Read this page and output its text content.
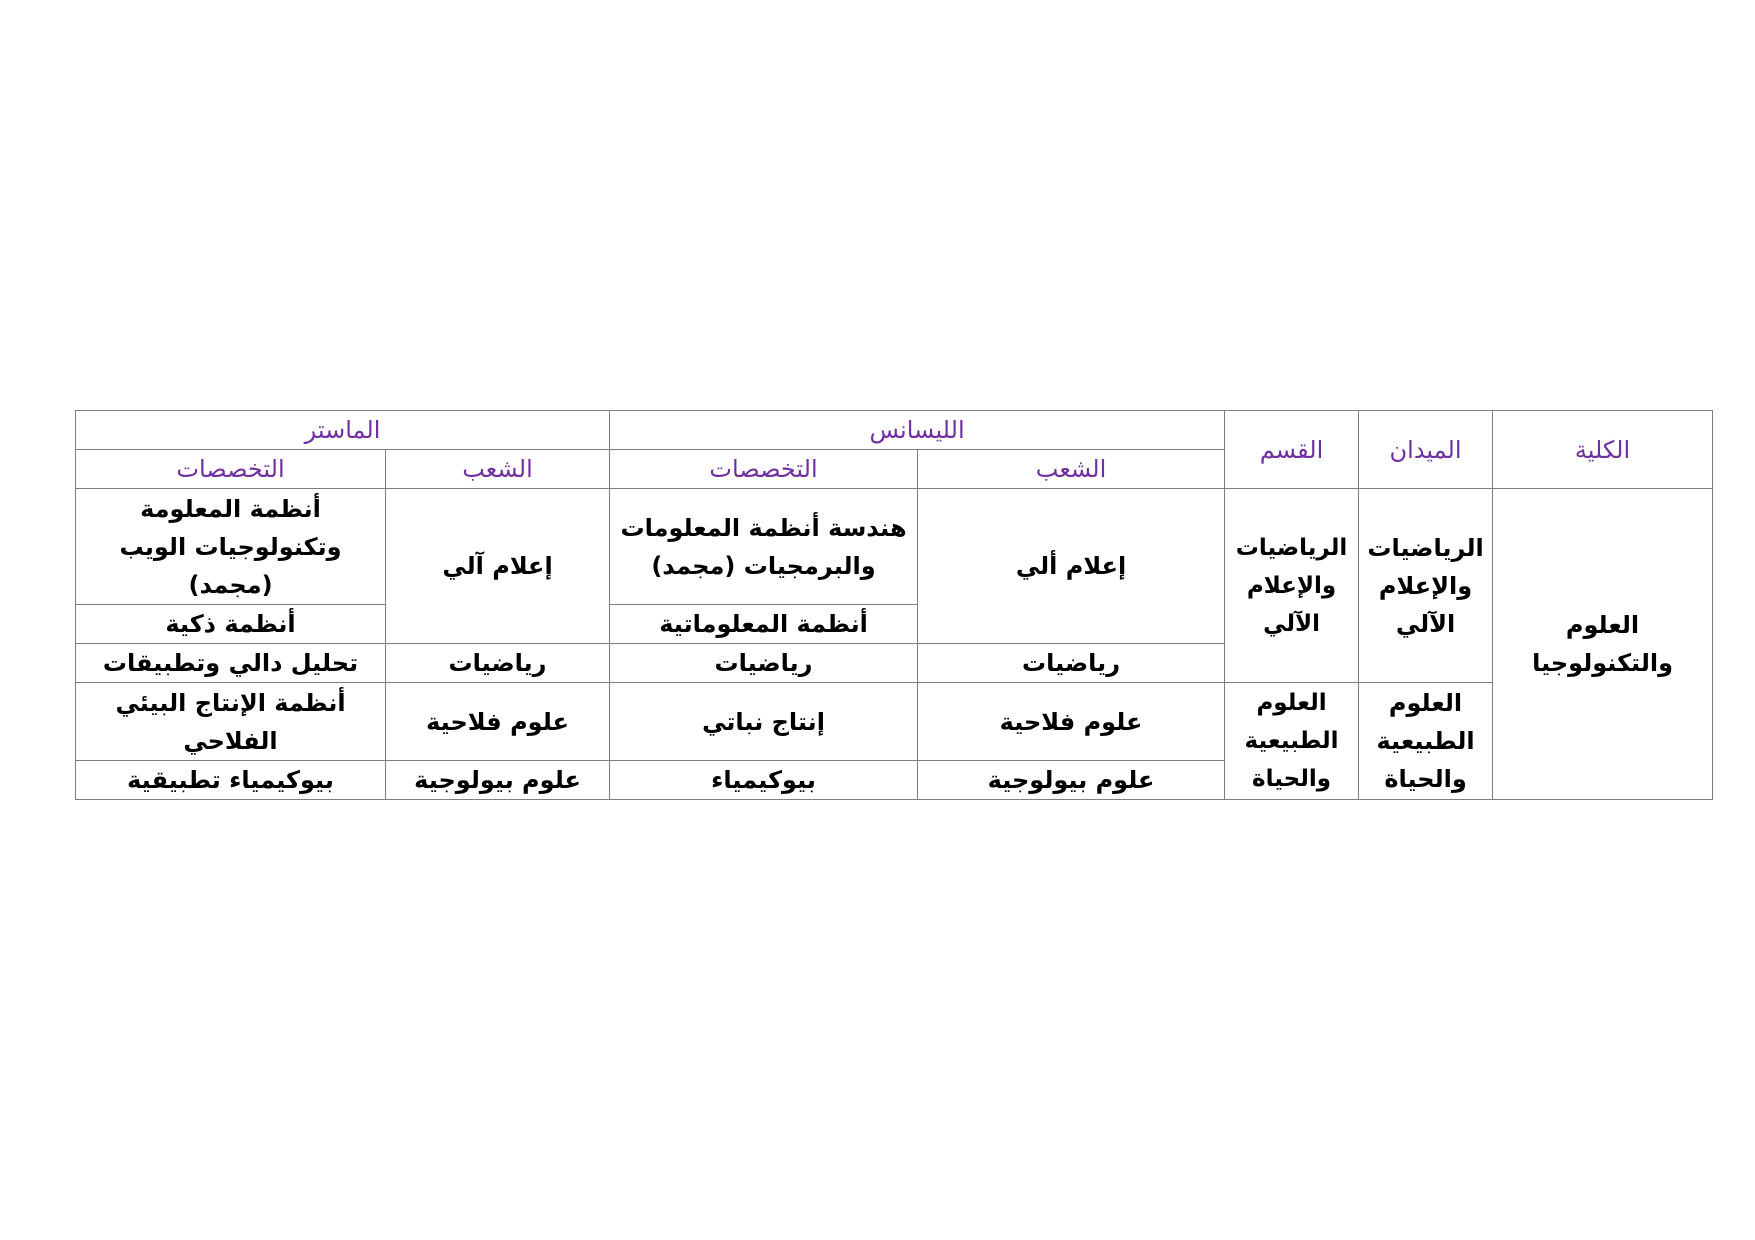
الكلية	الميدان	القسم	الليسانس		الماستر	
			الشعب	التخصصات	الشعب	التخصصات
العلوم والتكنولوجيا	الرياضيات والإعلام الآلي	الرياضيات والإعلام الآلي	إعلام ألي	هندسة أنظمة المعلومات والبرمجيات (مجمد)	إعلام آلي	أنظمة المعلومة وتكنولوجيات الويب (مجمد)
				أنظمة المعلوماتية		أنظمة ذكية
			رياضيات	رياضيات	رياضيات	تحليل دالي وتطبيقات
	العلوم الطبيعية والحياة	العلوم الطبيعية والحياة	علوم فلاحية	إنتاج نباتي	علوم فلاحية	أنظمة الإنتاج البيئي الفلاحي
			علوم بيولوجية	بيوكيمياء	علوم بيولوجية	بيوكيمياء تطبيقية
